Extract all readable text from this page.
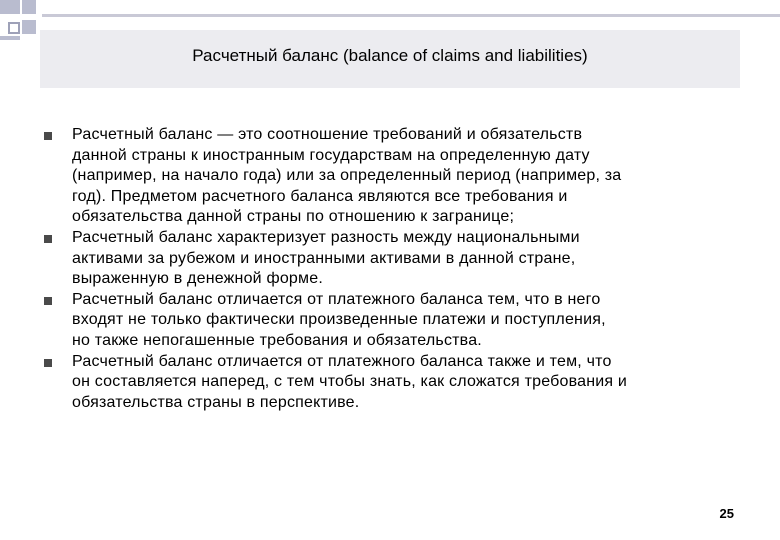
Расчетный баланс (balance of claims and liabilities)
Расчетный баланс — это соотношение требований и обязательств
данной страны к иностранным государствам на определенную дату
(например, на начало года) или за определенный период (например, за
год). Предметом расчетного баланса являются все требования и
обязательства данной страны по отношению к загранице;
Расчетный баланс характеризует разность между национальными
активами за рубежом и иностранными активами в данной стране,
выраженную в денежной форме.
Расчетный баланс отличается от платежного баланса тем, что в него
входят не только фактически произведенные платежи и поступления,
но также непогашенные требования и обязательства.
Расчетный баланс отличается от платежного баланса также и тем, что
он составляется наперед, с тем чтобы знать, как сложатся требования и
обязательства страны в перспективе.
25
